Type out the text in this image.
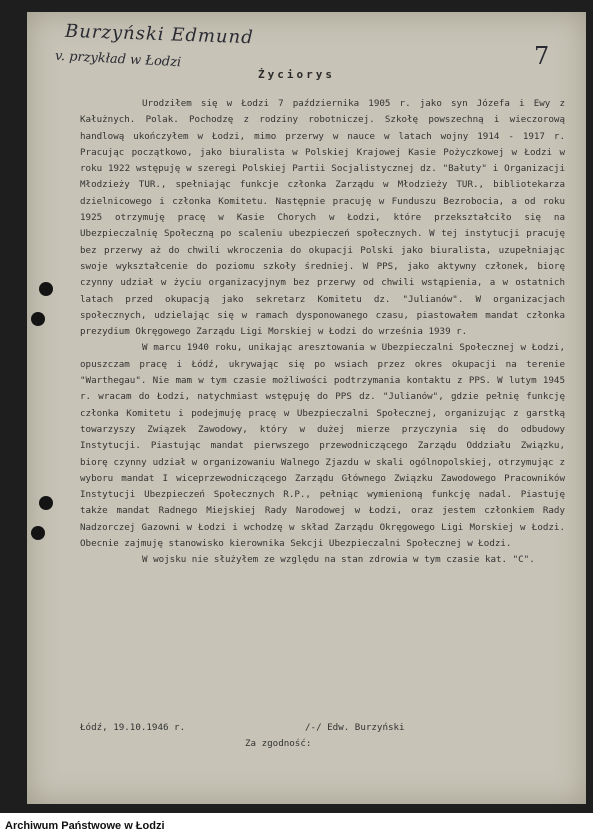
Burzyński Edmund
v. przykład w Łodzi	7
Życiorys

Urodziłem się w Łodzi 7 października 1905 r. jako syn Józefa i Ewy z Kałużnych. Polak. Pochodzę z rodziny robotniczej. Szkołę powszechną i wieczorową handlową ukończyłem w Łodzi, mimo przerwy w nauce w latach wojny 1914 - 1917 r. Pracując początkowo, jako biuralista w Polskiej Krajowej Kasie Pożyczkowej w Łodzi w roku 1922 wstępuję w szeregi Polskiej Partii Socjalistycznej dz. "Bałuty" i Organizacji Młodzieży TUR., spełniając funkcje członka Zarządu w Młodzieży TUR., bibliotekarza dzielnicowego i członka Komitetu. Następnie pracuję w Funduszu Bezrobocia, a od roku 1925 otrzymuję pracę w Kasie Chorych w Łodzi, które przekształciło się na Ubezpieczalnię Społeczną po scaleniu ubezpieczeń społecznych. W tej instytucji pracuję bez przerwy aż do chwili wkroczenia do okupacji Polski jako biuralista, uzupełniając swoje wykształcenie do poziomu szkoły średniej. W PPS, jako aktywny członek, biorę czynny udział w życiu organizacyjnym bez przerwy od chwili wstąpienia, a w ostatnich latach przed okupacją jako sekretarz Komitetu dz. "Julianów". W organizacjach społecznych, udzielając się w ramach dysponowanego czasu, piastowałem mandat członka prezydium Okręgowego Zarządu Ligi Morskiej w Łodzi do września 1939 r.

W marcu 1940 roku, unikając aresztowania w Ubezpieczalni Społecznej w Łodzi, opuszczam pracę i Łódź, ukrywając się po wsiach przez okres okupacji na terenie "Warthegau". Nie mam w tym czasie możliwości podtrzymania kontaktu z PPS. W lutym 1945 r. wracam do Łodzi, natychmiast wstępuję do PPS dz. "Julianów", gdzie pełnię funkcję członka Komitetu i podejmuję pracę w Ubezpieczalni Społecznej, organizując z garstką towarzyszy Związek Zawodowy, który w dużej mierze przyczynia się do odbudowy Instytucji. Piastując mandat pierwszego przewodniczącego Zarządu Oddziału Związku, biorę czynny udział w organizowaniu Walnego Zjazdu w skali ogólnopolskiej, otrzymując z wyboru mandat I wiceprzewodniczącego Zarządu Głównego Związku Zawodowego Pracowników Instytucji Ubezpieczeń Społecznych R.P., pełniąc wymienioną funkcję nadal. Piastuję także mandat Radnego Miejskiej Rady Narodowej w Łodzi, oraz jestem członkiem Rady Nadzorczej Gazowni w Łodzi i wchodzę w skład Zarządu Okręgowego Ligi Morskiej w Łodzi. Obecnie zajmuję stanowisko kierownika Sekcji Ubezpieczalni Społecznej w Łodzi.

W wojsku nie służyłem ze względu na stan zdrowia w tym czasie kat. "C".

Łódź, 19.10.1946 r.	/-/ Edw. Burzyński
Za zgodność:
Archiwum Państwowe w Łodzi
